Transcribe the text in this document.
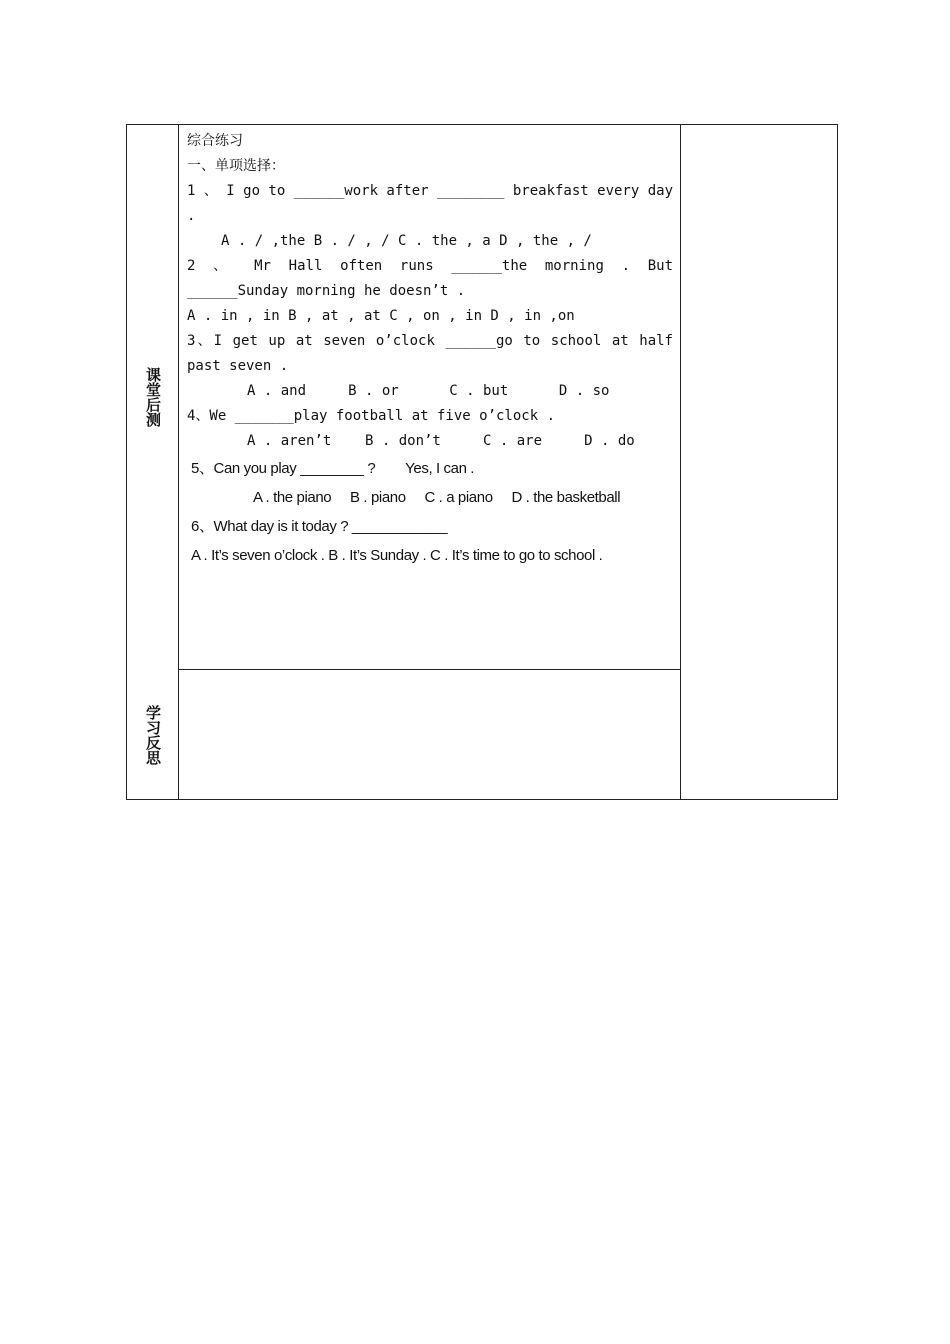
课堂后测
学习反思
综合练习
一、单项选择：
1 、 I go to ______work after ________ breakfast every day .
A . / ,the B . / , / C . the , a D , the , /
2 、 Mr Hall often runs ______the morning . But ______Sunday morning he doesn’t .
A . in , in B , at , at C , on , in D , in ,on
3、I get up at seven o’clock ______go to school at half past seven .
A . and     B . or      C . but      D . so
4、We _______play football at five o’clock .
A . aren’t    B . don’t     C . are     D . do
5、Can you play ________ ?        Yes, I can .
A . the piano     B . piano     C . a piano     D . the basketball
6、What day is it today ? ____________
A . It’s seven o’clock . B . It’s Sunday . C . It’s time to go to school .
